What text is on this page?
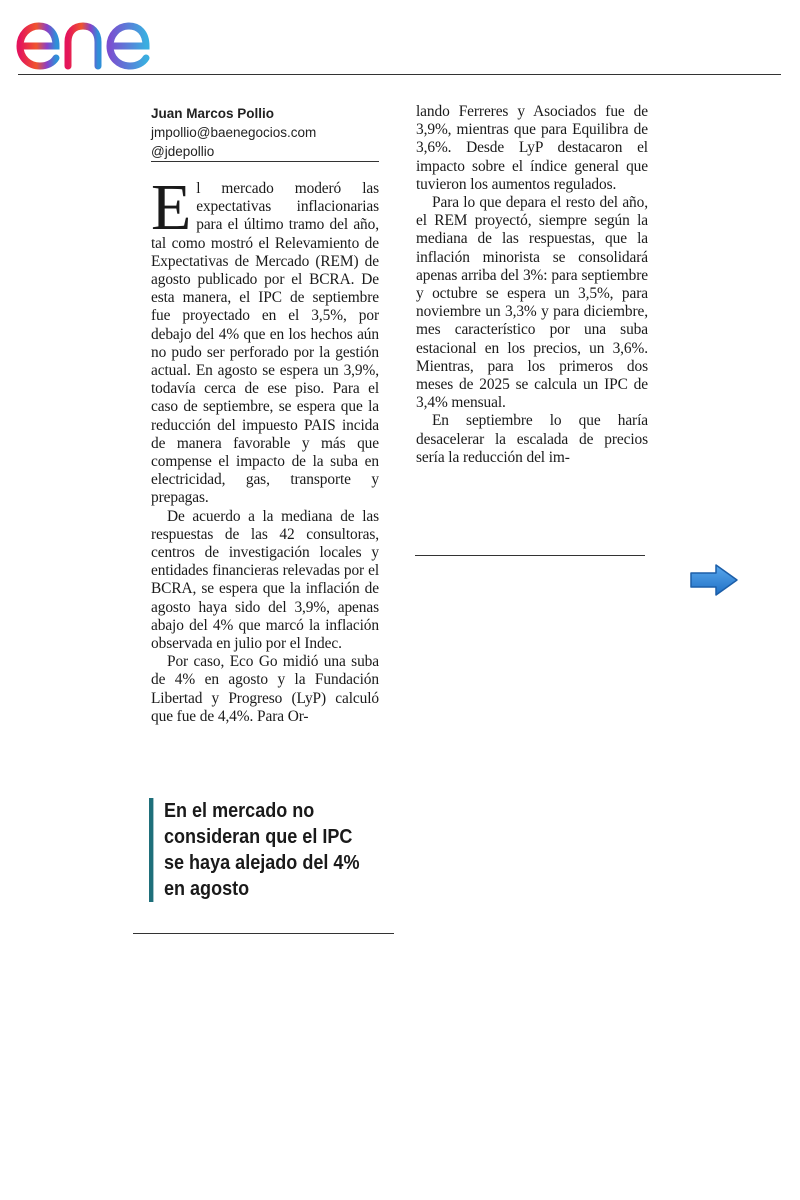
Juan Marcos Pollio
jmpollio@baenegocios.com
@jdepollio

El mercado moderó las expectativas inflacionarias para el último tramo del año, tal como mostró el Relevamiento de Expectativas de Mercado (REM) de agosto publicado por el BCRA. De esta manera, el IPC de septiembre fue proyectado en el 3,5%, por debajo del 4% que en los hechos aún no pudo ser perforado por la gestión actual. En agosto se espera un 3,9%, todavía cerca de ese piso. Para el caso de septiembre, se espera que la reducción del impuesto PAIS incida de manera favorable y más que compense el impacto de la suba en electricidad, gas, transporte y prepagas.

De acuerdo a la mediana de las respuestas de las 42 consultoras, centros de investigación locales y entidades financieras relevadas por el BCRA, se espera que la inflación de agosto haya sido del 3,9%, apenas abajo del 4% que marcó la inflación observada en julio por el Indec.

Por caso, Eco Go midió una suba de 4% en agosto y la Fundación Libertad y Progreso (LyP) calculó que fue de 4,4%. Para Or-

En el mercado no consideran que el IPC se haya alejado del 4% en agosto

lando Ferreres y Asociados fue de 3,9%, mientras que para Equilibra de 3,6%. Desde LyP destacaron el impacto sobre el índice general que tuvieron los aumentos regulados.

Para lo que depara el resto del año, el REM proyectó, siempre según la mediana de las respuestas, que la inflación minorista se consolidará apenas arriba del 3%: para septiembre y octubre se espera un 3,5%, para noviembre un 3,3% y para diciembre, mes característico por una suba estacional en los precios, un 3,6%. Mientras, para los primeros dos meses de 2025 se calcula un IPC de 3,4% mensual.

En septiembre lo que haría desacelerar la escalada de precios sería la reducción del im-
